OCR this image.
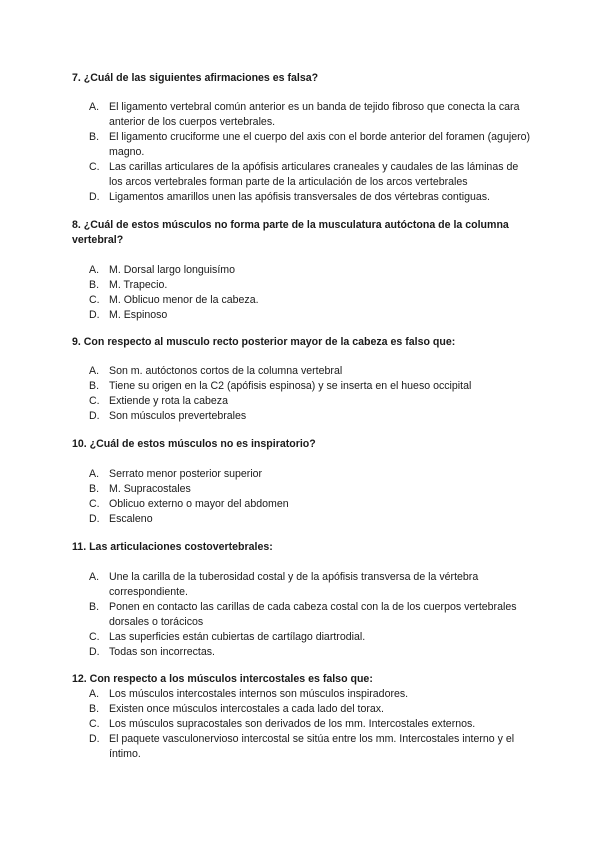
7. ¿Cuál de las siguientes afirmaciones es falsa?

A. El ligamento vertebral común anterior es un banda de tejido fibroso que conecta la cara anterior de los cuerpos vertebrales.
B. El ligamento cruciforme une el cuerpo del axis con el borde anterior del foramen (agujero) magno.
C. Las carillas articulares de la apófisis articulares craneales y caudales de las láminas de los arcos vertebrales forman parte de la articulación de los arcos vertebrales
D. Ligamentos amarillos unen las apófisis transversales de dos vértebras contiguas.

8. ¿Cuál de estos músculos no forma parte de la musculatura autóctona de la columna vertebral?

A. M. Dorsal largo longuisímo
B. M. Trapecio.
C. M. Oblicuo menor de la cabeza.
D. M. Espinoso

9. Con respecto al musculo recto posterior mayor de la cabeza es falso que:

A. Son m. autóctonos cortos de la columna vertebral
B. Tiene su origen en la C2 (apófisis espinosa) y se inserta en el hueso occipital
C. Extiende y rota la cabeza
D. Son músculos prevertebrales

10. ¿Cuál de estos músculos no es inspiratorio?

A. Serrato menor posterior superior
B. M. Supracostales
C. Oblicuo externo o mayor del abdomen
D. Escaleno

11. Las articulaciones costovertebrales:

A. Une la carilla de la tuberosidad costal y de la apófisis transversa de la vértebra correspondiente.
B. Ponen en contacto las carillas de cada cabeza costal con la de los cuerpos vertebrales dorsales o torácicos
C. Las superficies están cubiertas de cartílago diartrodial.
D. Todas son incorrectas.

12. Con respecto a los músculos intercostales es falso que:

A. Los músculos intercostales internos son músculos inspiradores.
B. Existen once músculos intercostales a cada lado del torax.
C. Los músculos supracostales son derivados de los mm. Intercostales externos.
D. El paquete vasculonervioso intercostal se sitúa entre los mm. Intercostales interno y el íntimo.
